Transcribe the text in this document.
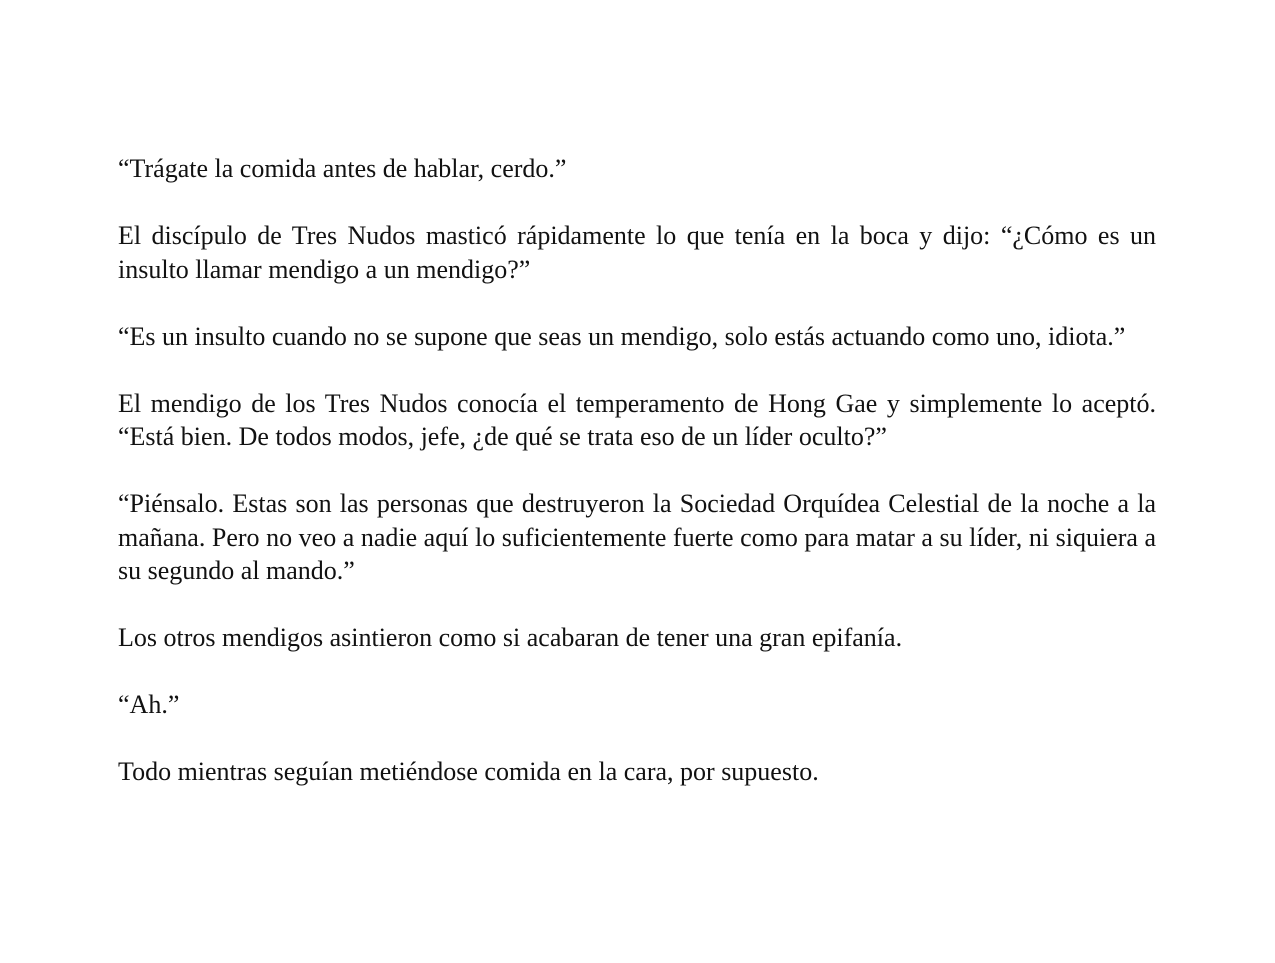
“Trágate la comida antes de hablar, cerdo.”

El discípulo de Tres Nudos masticó rápidamente lo que tenía en la boca y dijo: “¿Cómo es un insulto llamar mendigo a un mendigo?”

“Es un insulto cuando no se supone que seas un mendigo, solo estás actuando como uno, idiota.”

El mendigo de los Tres Nudos conocía el temperamento de Hong Gae y simplemente lo aceptó. “Está bien. De todos modos, jefe, ¿de qué se trata eso de un líder oculto?”

“Piénsalo. Estas son las personas que destruyeron la Sociedad Orquídea Celestial de la noche a la mañana. Pero no veo a nadie aquí lo suficientemente fuerte como para matar a su líder, ni siquiera a su segundo al mando.”

Los otros mendigos asintieron como si acabaran de tener una gran epifanía.

“Ah.”

Todo mientras seguían metiéndose comida en la cara, por supuesto.
